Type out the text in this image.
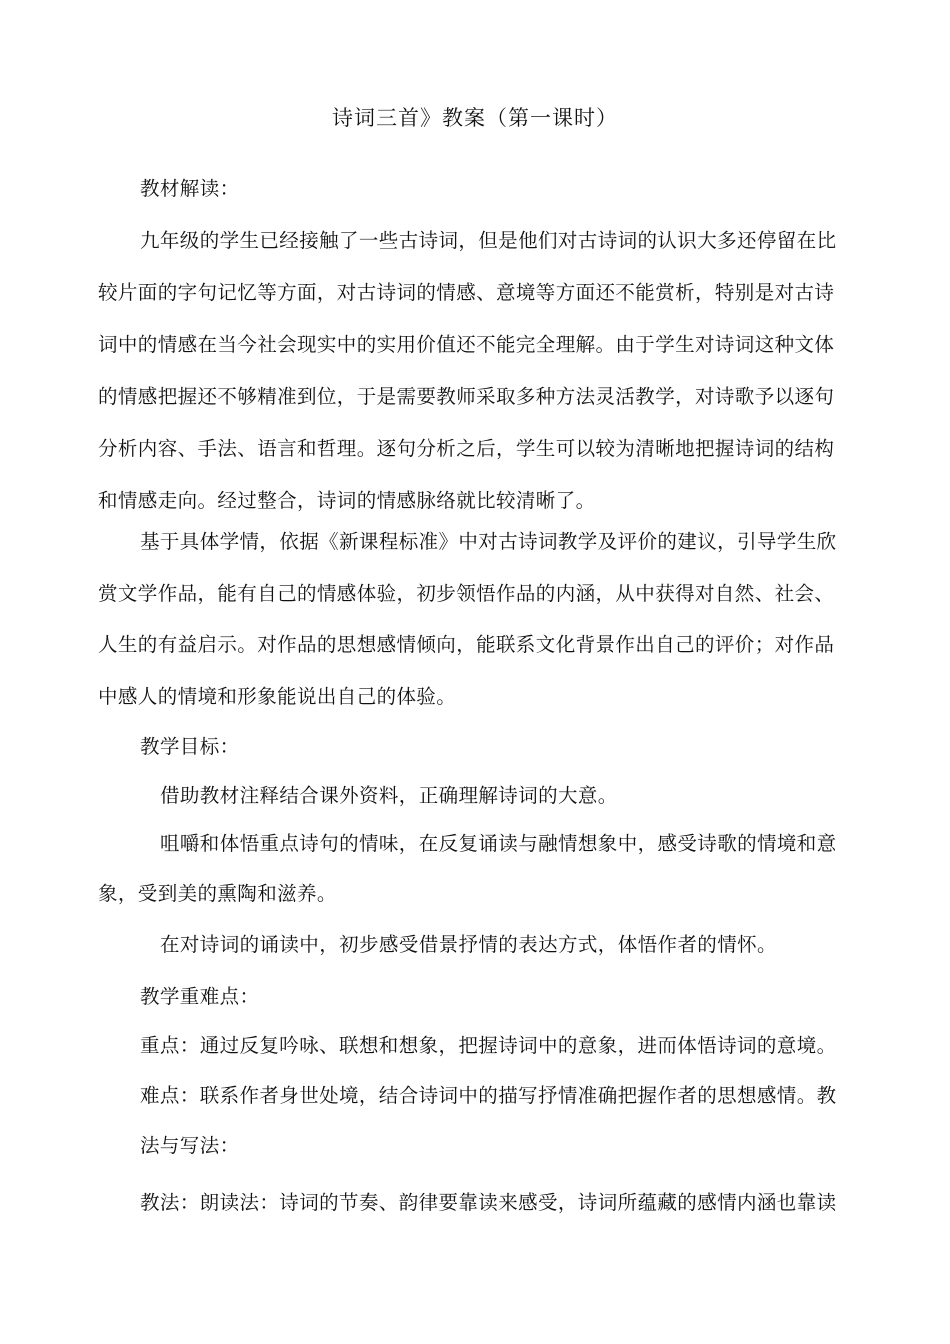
诗词三首》教案（第一课时）
教材解读：
九年级的学生已经接触了一些古诗词，但是他们对古诗词的认识大多还停留在比
较片面的字句记忆等方面，对古诗词的情感、意境等方面还不能赏析，特别是对古诗
词中的情感在当今社会现实中的实用价值还不能完全理解。由于学生对诗词这种文体
的情感把握还不够精准到位，于是需要教师采取多种方法灵活教学，对诗歌予以逐句
分析内容、手法、语言和哲理。逐句分析之后，学生可以较为清晰地把握诗词的结构
和情感走向。经过整合，诗词的情感脉络就比较清晰了。
基于具体学情，依据《新课程标准》中对古诗词教学及评价的建议，引导学生欣
赏文学作品，能有自己的情感体验，初步领悟作品的内涵，从中获得对自然、社会、
人生的有益启示。对作品的思想感情倾向，能联系文化背景作出自己的评价；对作品
中感人的情境和形象能说出自己的体验。
教学目标：
借助教材注释结合课外资料，正确理解诗词的大意。
咀嚼和体悟重点诗句的情味，在反复诵读与融情想象中，感受诗歌的情境和意
象，受到美的熏陶和滋养。
在对诗词的诵读中，初步感受借景抒情的表达方式，体悟作者的情怀。
教学重难点：
重点：通过反复吟咏、联想和想象，把握诗词中的意象，进而体悟诗词的意境。
难点：联系作者身世处境，结合诗词中的描写抒情准确把握作者的思想感情。教
法与写法：
教法：朗读法：诗词的节奏、韵律要靠读来感受，诗词所蕴藏的感情内涵也靠读
